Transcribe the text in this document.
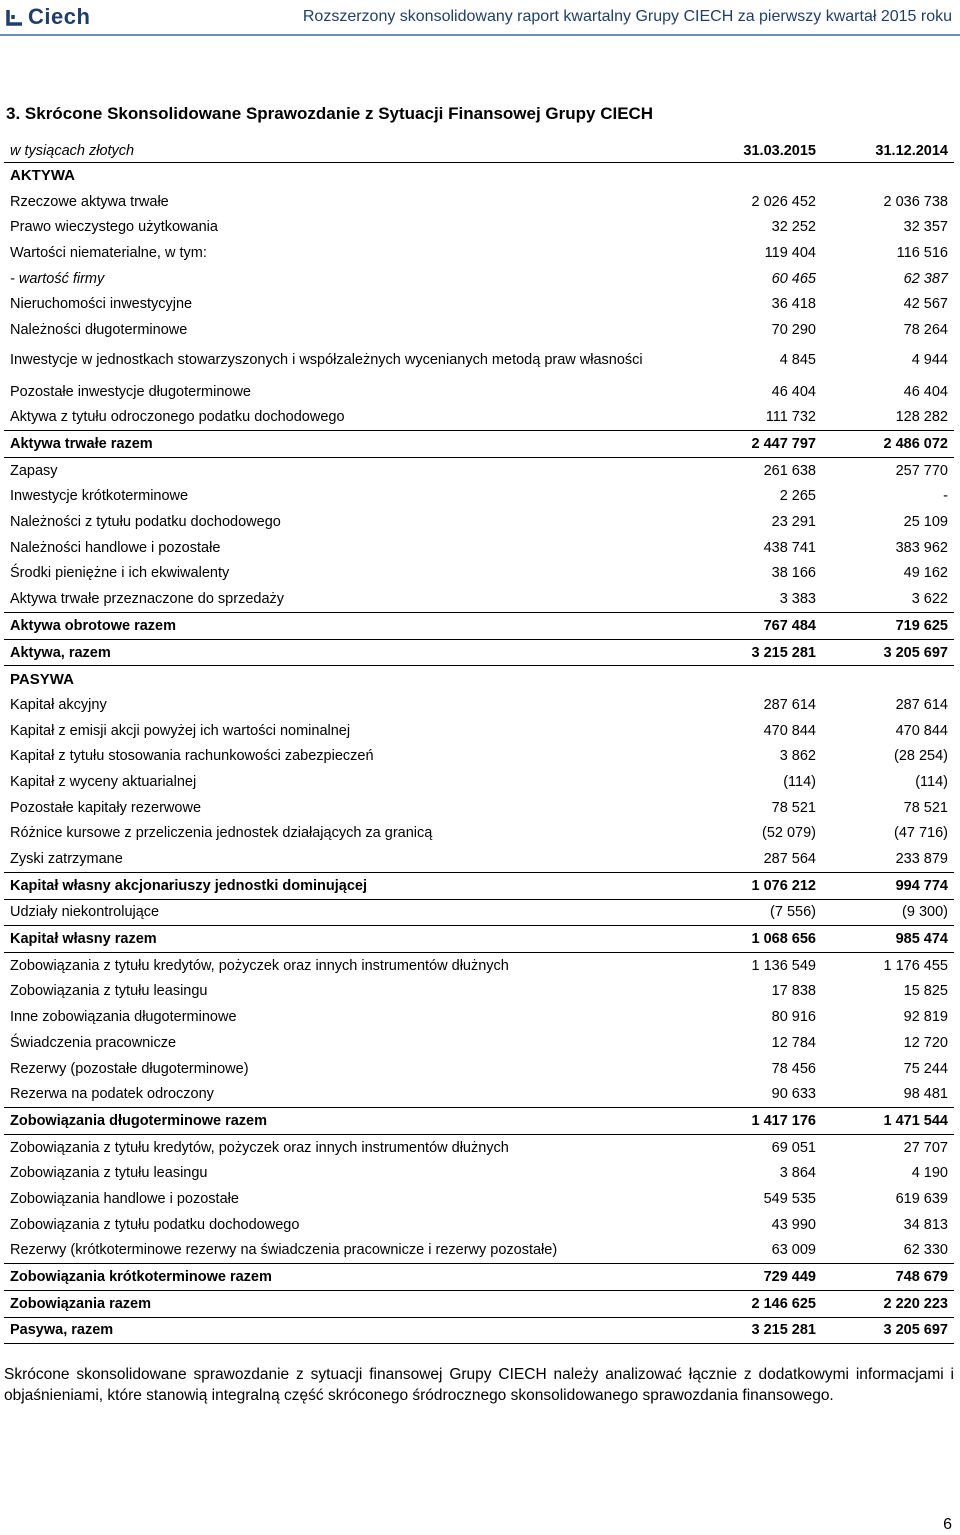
Ciech	Rozszerzony skonsolidowany raport kwartalny Grupy CIECH za pierwszy kwartał 2015 roku
3. Skrócone Skonsolidowane Sprawozdanie z Sytuacji Finansowej Grupy CIECH
w tysiącach złotych	31.03.2015	31.12.2014
AKTYWA		
Rzeczowe aktywa trwałe	2 026 452	2 036 738
Prawo wieczystego użytkowania	32 252	32 357
Wartości niematerialne, w tym:	119 404	116 516
- wartość firmy	60 465	62 387
Nieruchomości inwestycyjne	36 418	42 567
Należności długoterminowe	70 290	78 264
Inwestycje w jednostkach stowarzyszonych i współzależnych wycenianych metodą praw własności	4 845	4 944
Pozostałe inwestycje długoterminowe	46 404	46 404
Aktywa z tytułu odroczonego podatku dochodowego	111 732	128 282
Aktywa trwałe razem	2 447 797	2 486 072
Zapasy	261 638	257 770
Inwestycje krótkoterminowe	2 265	-
Należności z tytułu podatku dochodowego	23 291	25 109
Należności handlowe i pozostałe	438 741	383 962
Środki pieniężne i ich ekwiwalenty	38 166	49 162
Aktywa trwałe przeznaczone do sprzedaży	3 383	3 622
Aktywa obrotowe razem	767 484	719 625
Aktywa, razem	3 215 281	3 205 697
PASYWA		
Kapitał akcyjny	287 614	287 614
Kapitał z emisji akcji powyżej ich wartości nominalnej	470 844	470 844
Kapitał z tytułu stosowania rachunkowości zabezpieczeń	3 862	(28 254)
Kapitał z wyceny aktuarialnej	(114)	(114)
Pozostałe kapitały rezerwowe	78 521	78 521
Różnice kursowe z przeliczenia jednostek działających za granicą	(52 079)	(47 716)
Zyski zatrzymane	287 564	233 879
Kapitał własny akcjonariuszy jednostki dominującej	1 076 212	994 774
Udziały niekontrolujące	(7 556)	(9 300)
Kapitał własny razem	1 068 656	985 474
Zobowiązania z tytułu kredytów, pożyczek oraz innych instrumentów dłużnych	1 136 549	1 176 455
Zobowiązania z tytułu leasingu	17 838	15 825
Inne zobowiązania długoterminowe	80 916	92 819
Świadczenia pracownicze	12 784	12 720
Rezerwy (pozostałe długoterminowe)	78 456	75 244
Rezerwa na podatek odroczony	90 633	98 481
Zobowiązania długoterminowe razem	1 417 176	1 471 544
Zobowiązania z tytułu kredytów, pożyczek oraz innych instrumentów dłużnych	69 051	27 707
Zobowiązania z tytułu leasingu	3 864	4 190
Zobowiązania handlowe i pozostałe	549 535	619 639
Zobowiązania z tytułu podatku dochodowego	43 990	34 813
Rezerwy (krótkoterminowe rezerwy na świadczenia pracownicze i rezerwy pozostałe)	63 009	62 330
Zobowiązania krótkoterminowe razem	729 449	748 679
Zobowiązania razem	2 146 625	2 220 223
Pasywa, razem	3 215 281	3 205 697
Skrócone skonsolidowane sprawozdanie z sytuacji finansowej Grupy CIECH należy analizować łącznie z dodatkowymi informacjami i objaśnieniami, które stanowią integralną część skróconego śródrocznego skonsolidowanego sprawozdania finansowego.
6
